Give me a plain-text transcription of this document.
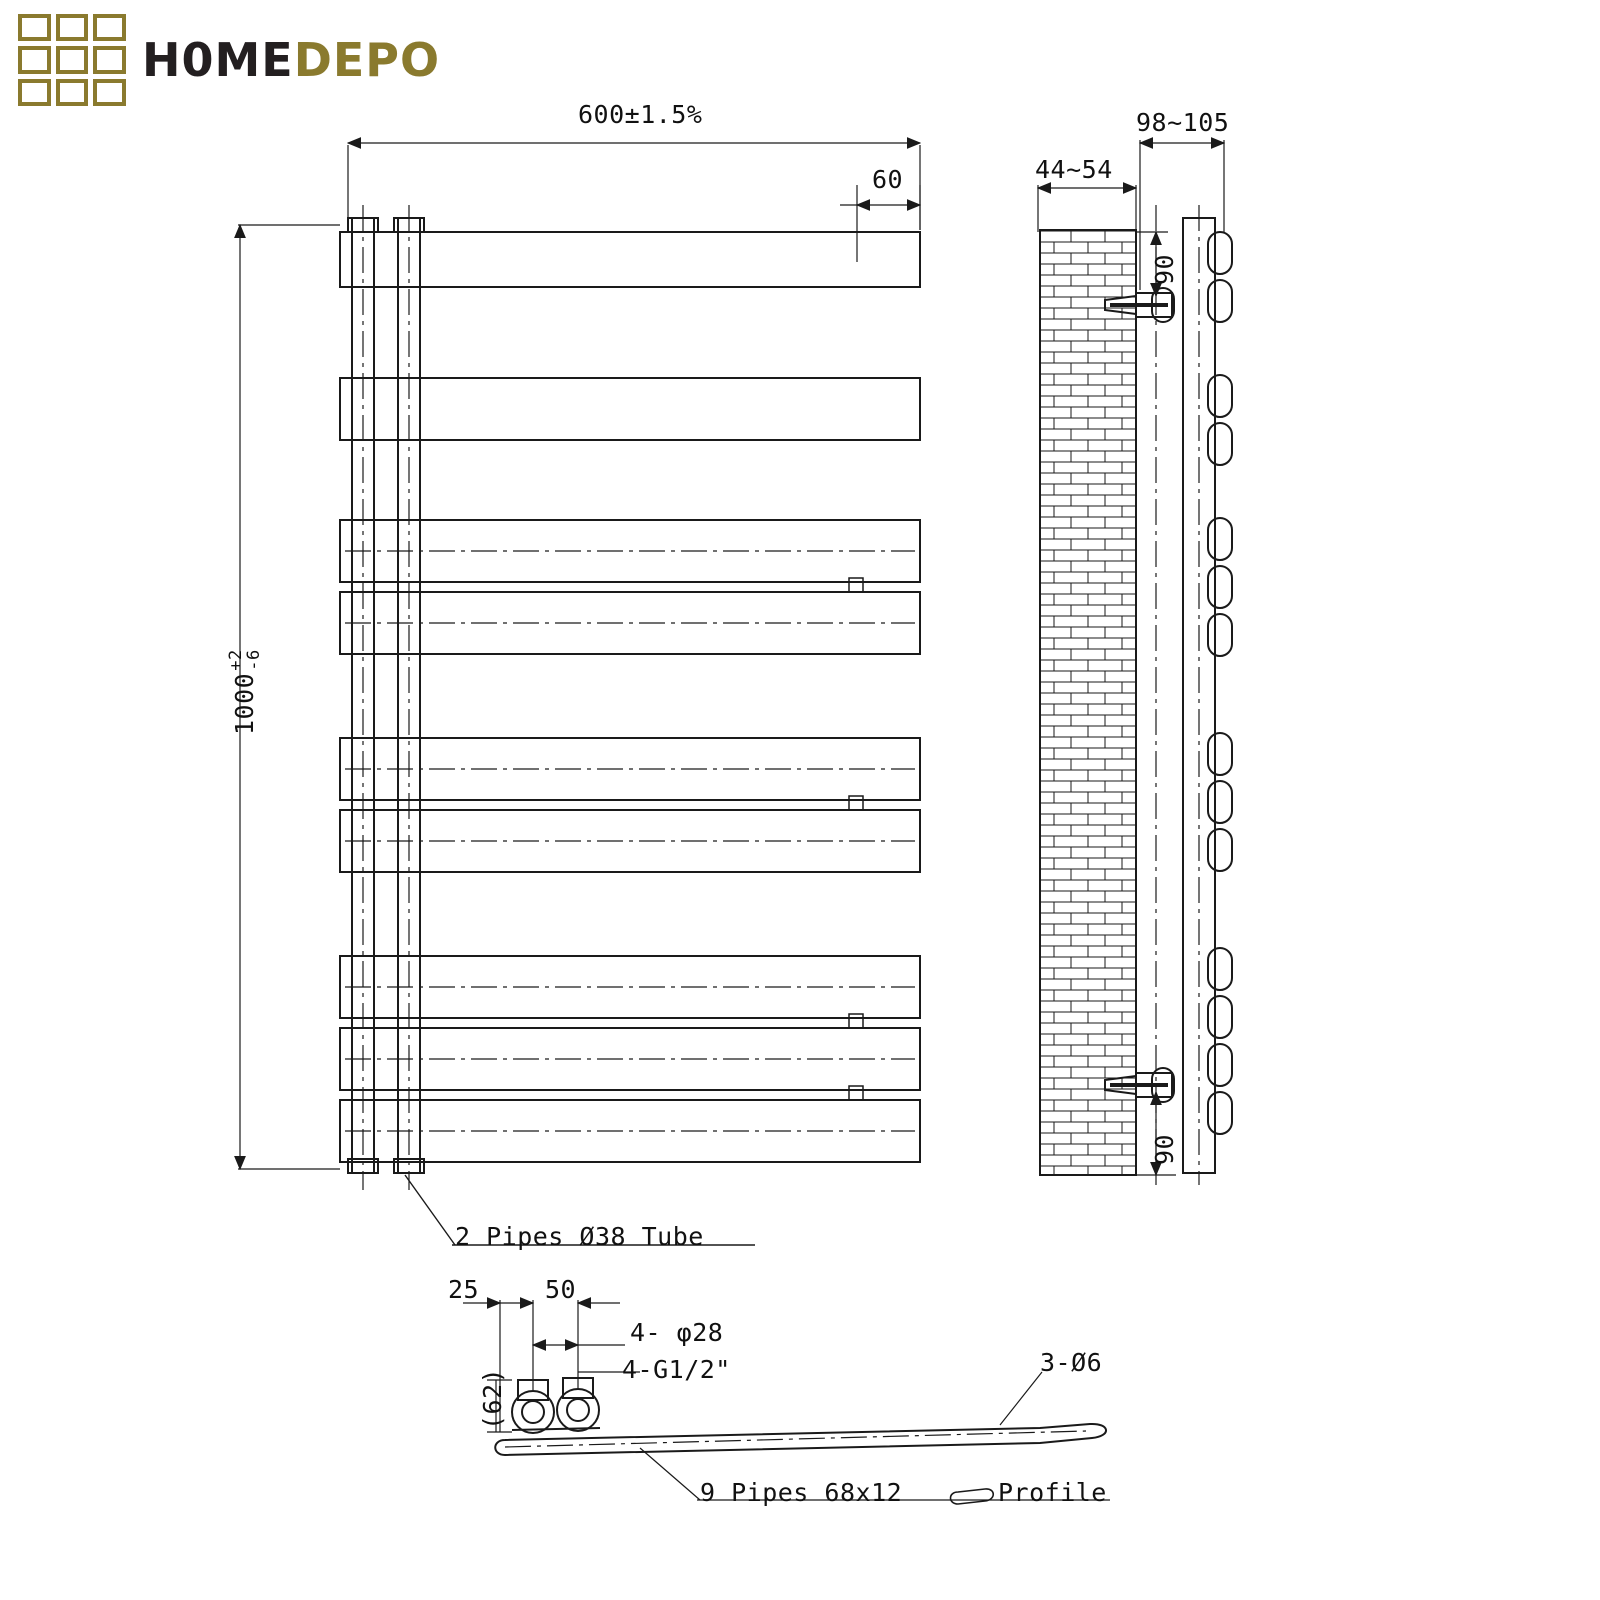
H0MEDEPO
600±1.5%
60
1000
+2
-6
98~105
44~54
90
90
2 Pipes Ø38 Tube
25	50
(62)
4- φ28
4-G1/2"	3-Ø6
9 Pipes 68x12	Profile
